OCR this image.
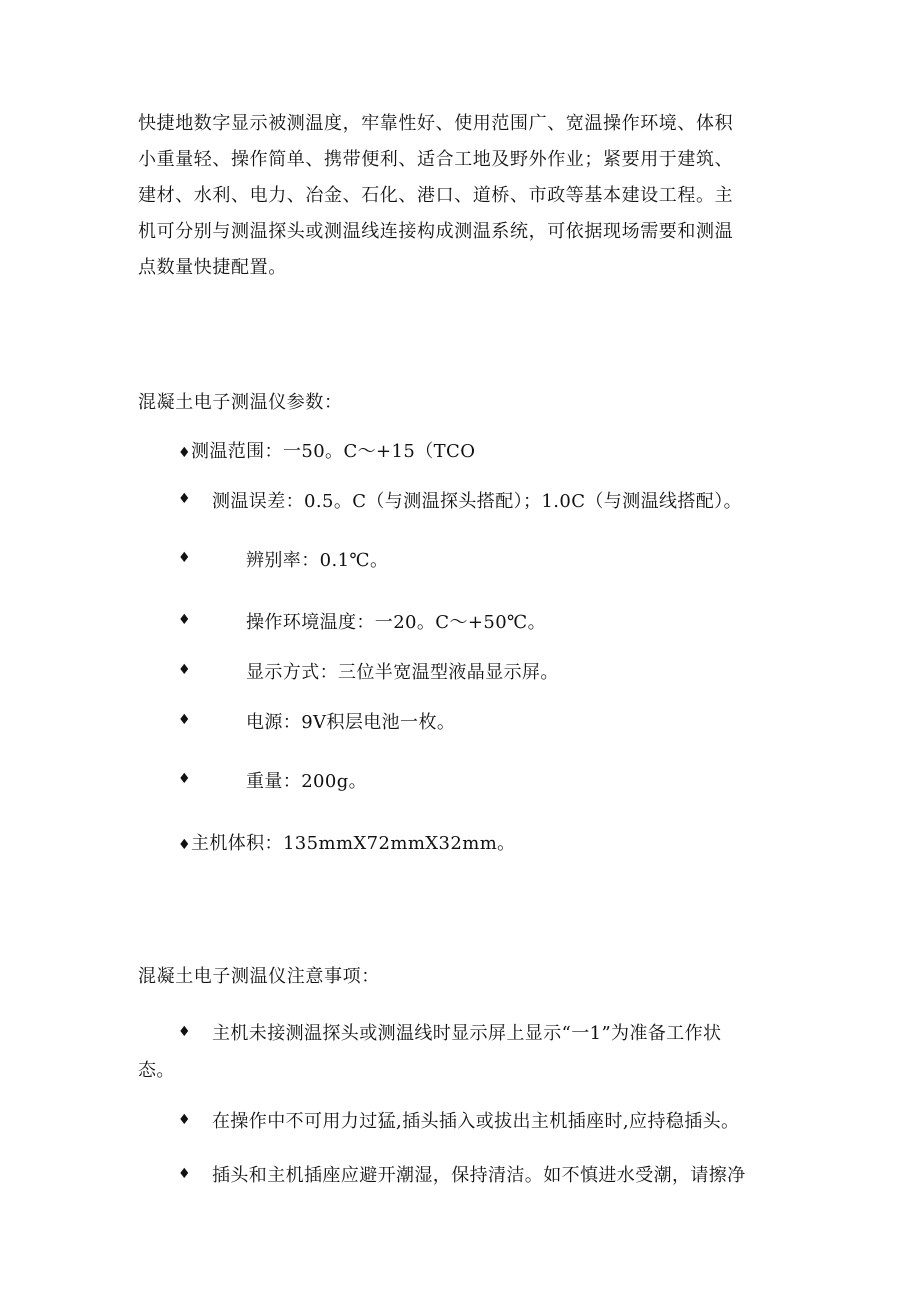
快捷地数字显示被测温度，牢靠性好、使用范围广、宽温操作环境、体积
小重量轻、操作简单、携带便利、适合工地及野外作业；紧要用于建筑、
建材、水利、电力、冶金、石化、港口、道桥、市政等基本建设工程。主
机可分别与测温探头或测温线连接构成测温系统，可依据现场需要和测温
点数量快捷配置。
混凝土电子测温仪参数：
♦测温范围：一50。C～+15（TCO
♦ 测温误差：0.5。C（与测温探头搭配）；1.0C（与测温线搭配）。
♦	辨别率：0.1℃。
♦	操作环境温度：一20。C～+50℃。
♦	显示方式：三位半宽温型液晶显示屏。
♦	电源：9V积层电池一枚。
♦	重量：200g。
♦主机体积：135mmX72mmX32mm。
混凝土电子测温仪注意事项：
♦ 主机未接测温探头或测温线时显示屏上显示“一1”为准备工作状
态。
♦ 在操作中不可用力过猛,插头插入或拔出主机插座时,应持稳插头。
♦ 插头和主机插座应避开潮湿，保持清洁。如不慎进水受潮，请擦净
